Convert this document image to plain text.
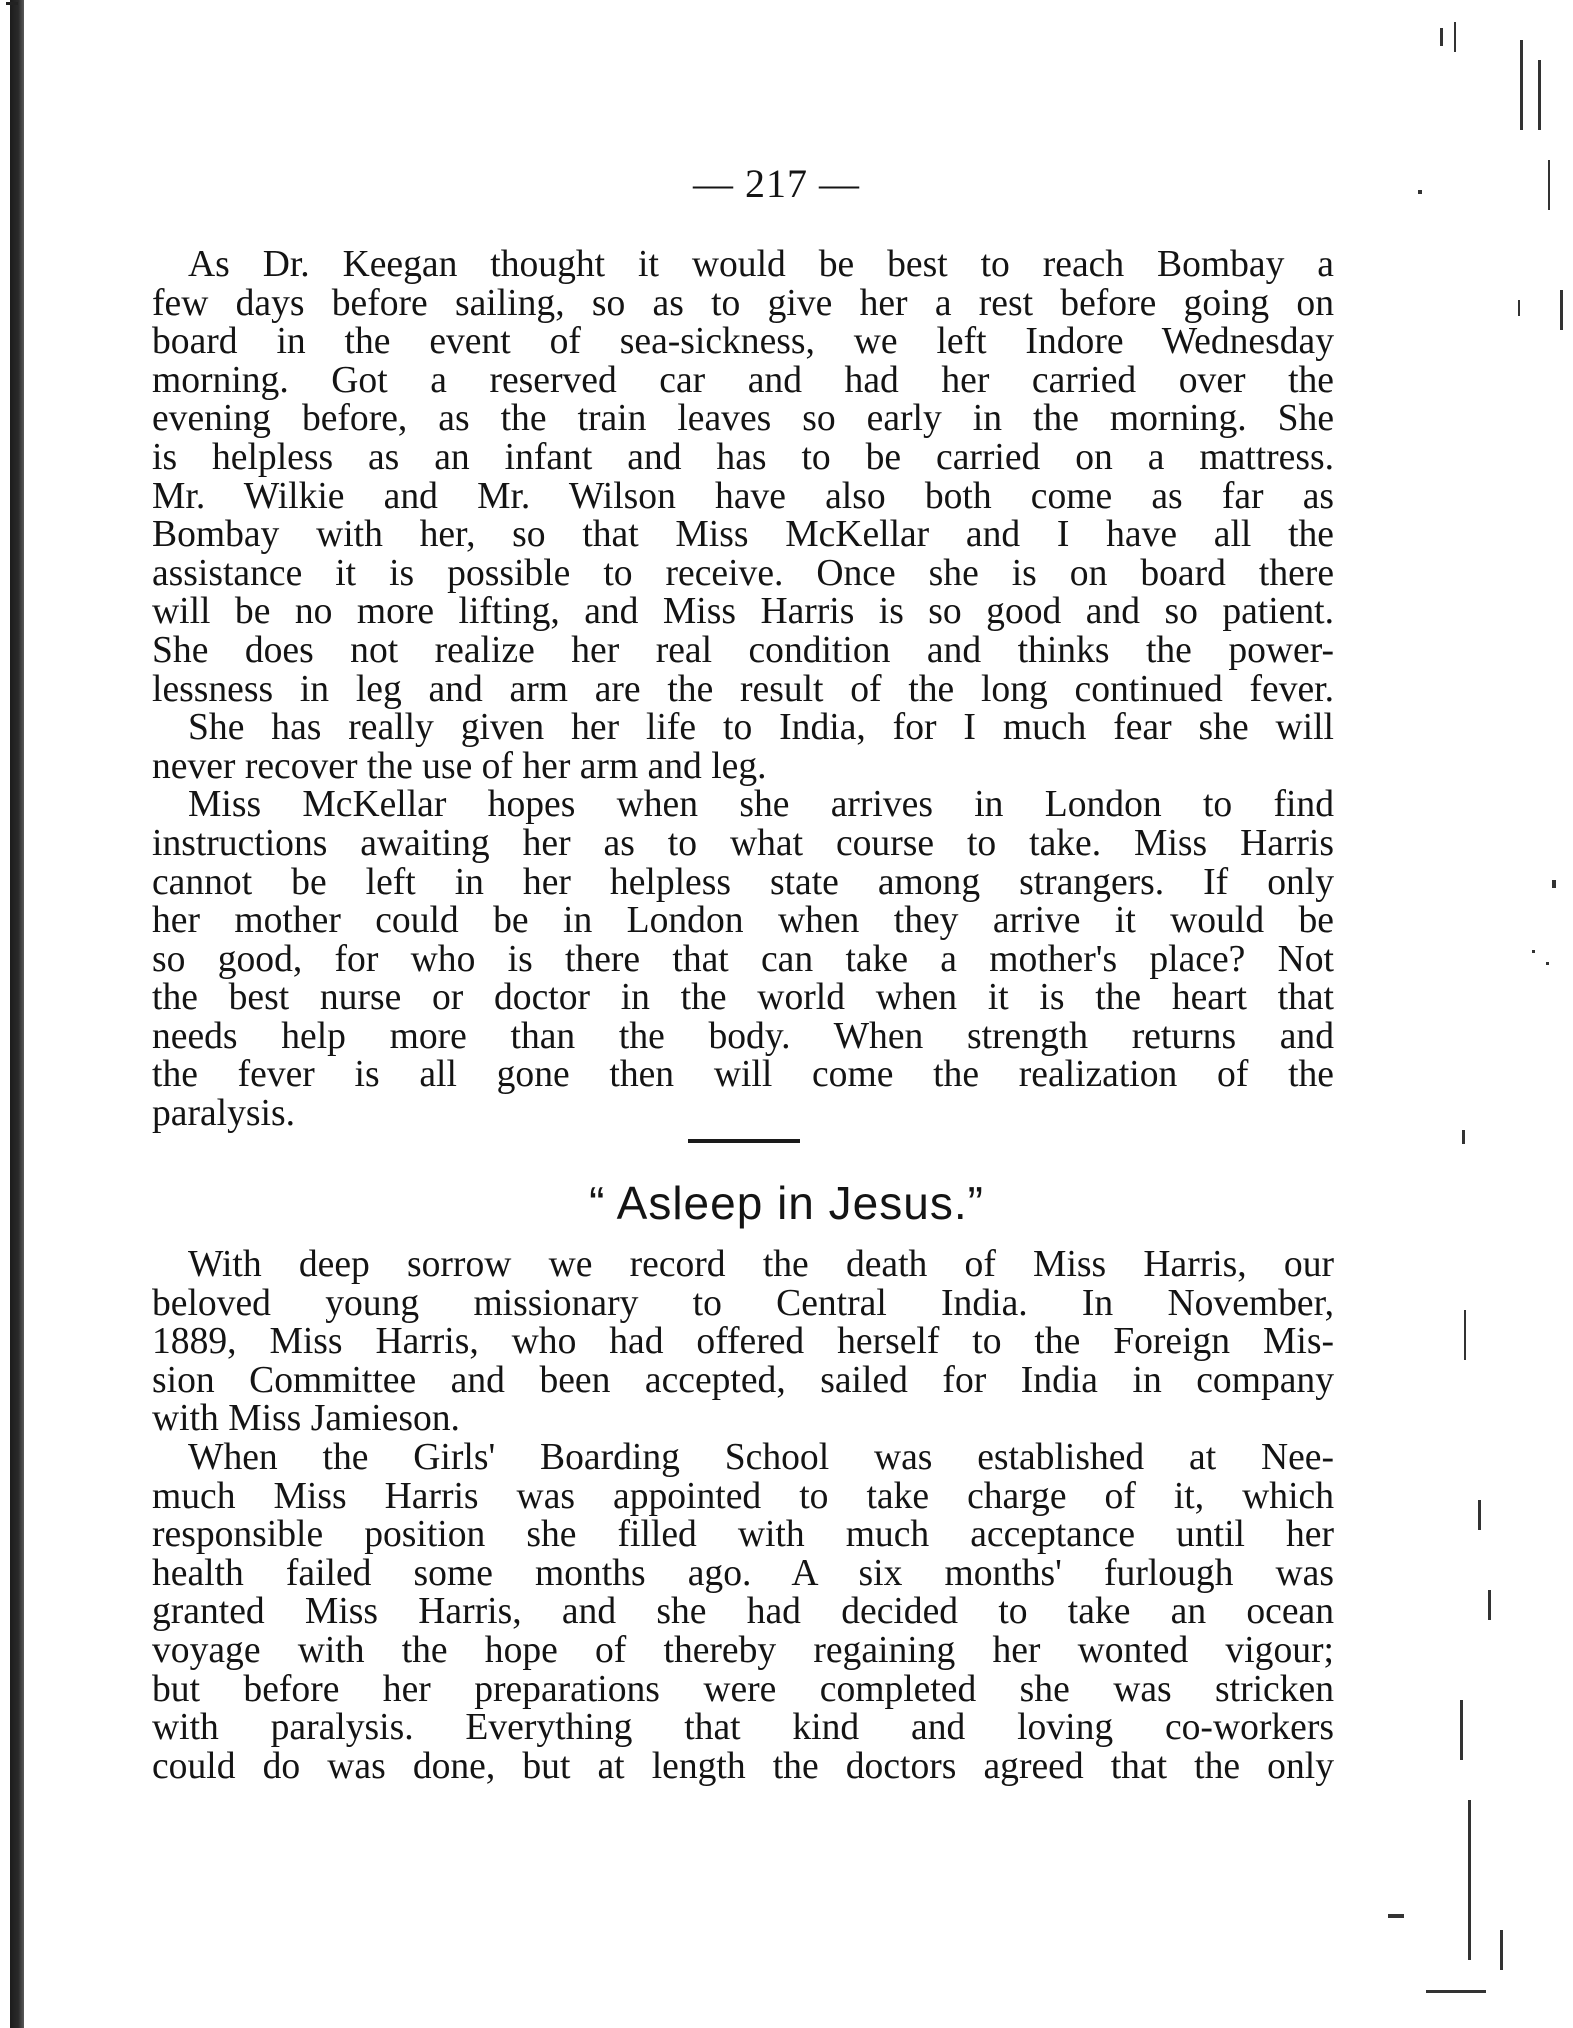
— 217 —
As Dr. Keegan thought it would be best to reach Bombay a
few days before sailing, so as to give her a rest before going on
board in the event of sea-sickness, we left Indore Wednesday
morning. Got a reserved car and had her carried over the
evening before, as the train leaves so early in the morning. She
is helpless as an infant and has to be carried on a mattress.
Mr. Wilkie and Mr. Wilson have also both come as far as
Bombay with her, so that Miss McKellar and I have all the
assistance it is possible to receive. Once she is on board there
will be no more lifting, and Miss Harris is so good and so patient.
She does not realize her real condition and thinks the power-
lessness in leg and arm are the result of the long continued fever.
She has really given her life to India, for I much fear she will
never recover the use of her arm and leg.
Miss McKellar hopes when she arrives in London to find
instructions awaiting her as to what course to take. Miss Harris
cannot be left in her helpless state among strangers. If only
her mother could be in London when they arrive it would be
so good, for who is there that can take a mother's place? Not
the best nurse or doctor in the world when it is the heart that
needs help more than the body. When strength returns and
the fever is all gone then will come the realization of the
paralysis.
“ Asleep in Jesus.”
With deep sorrow we record the death of Miss Harris, our
beloved young missionary to Central India. In November,
1889, Miss Harris, who had offered herself to the Foreign Mis-
sion Committee and been accepted, sailed for India in company
with Miss Jamieson.
When the Girls' Boarding School was established at Nee-
much Miss Harris was appointed to take charge of it, which
responsible position she filled with much acceptance until her
health failed some months ago. A six months' furlough was
granted Miss Harris, and she had decided to take an ocean
voyage with the hope of thereby regaining her wonted vigour;
but before her preparations were completed she was stricken
with paralysis. Everything that kind and loving co-workers
could do was done, but at length the doctors agreed that the only
